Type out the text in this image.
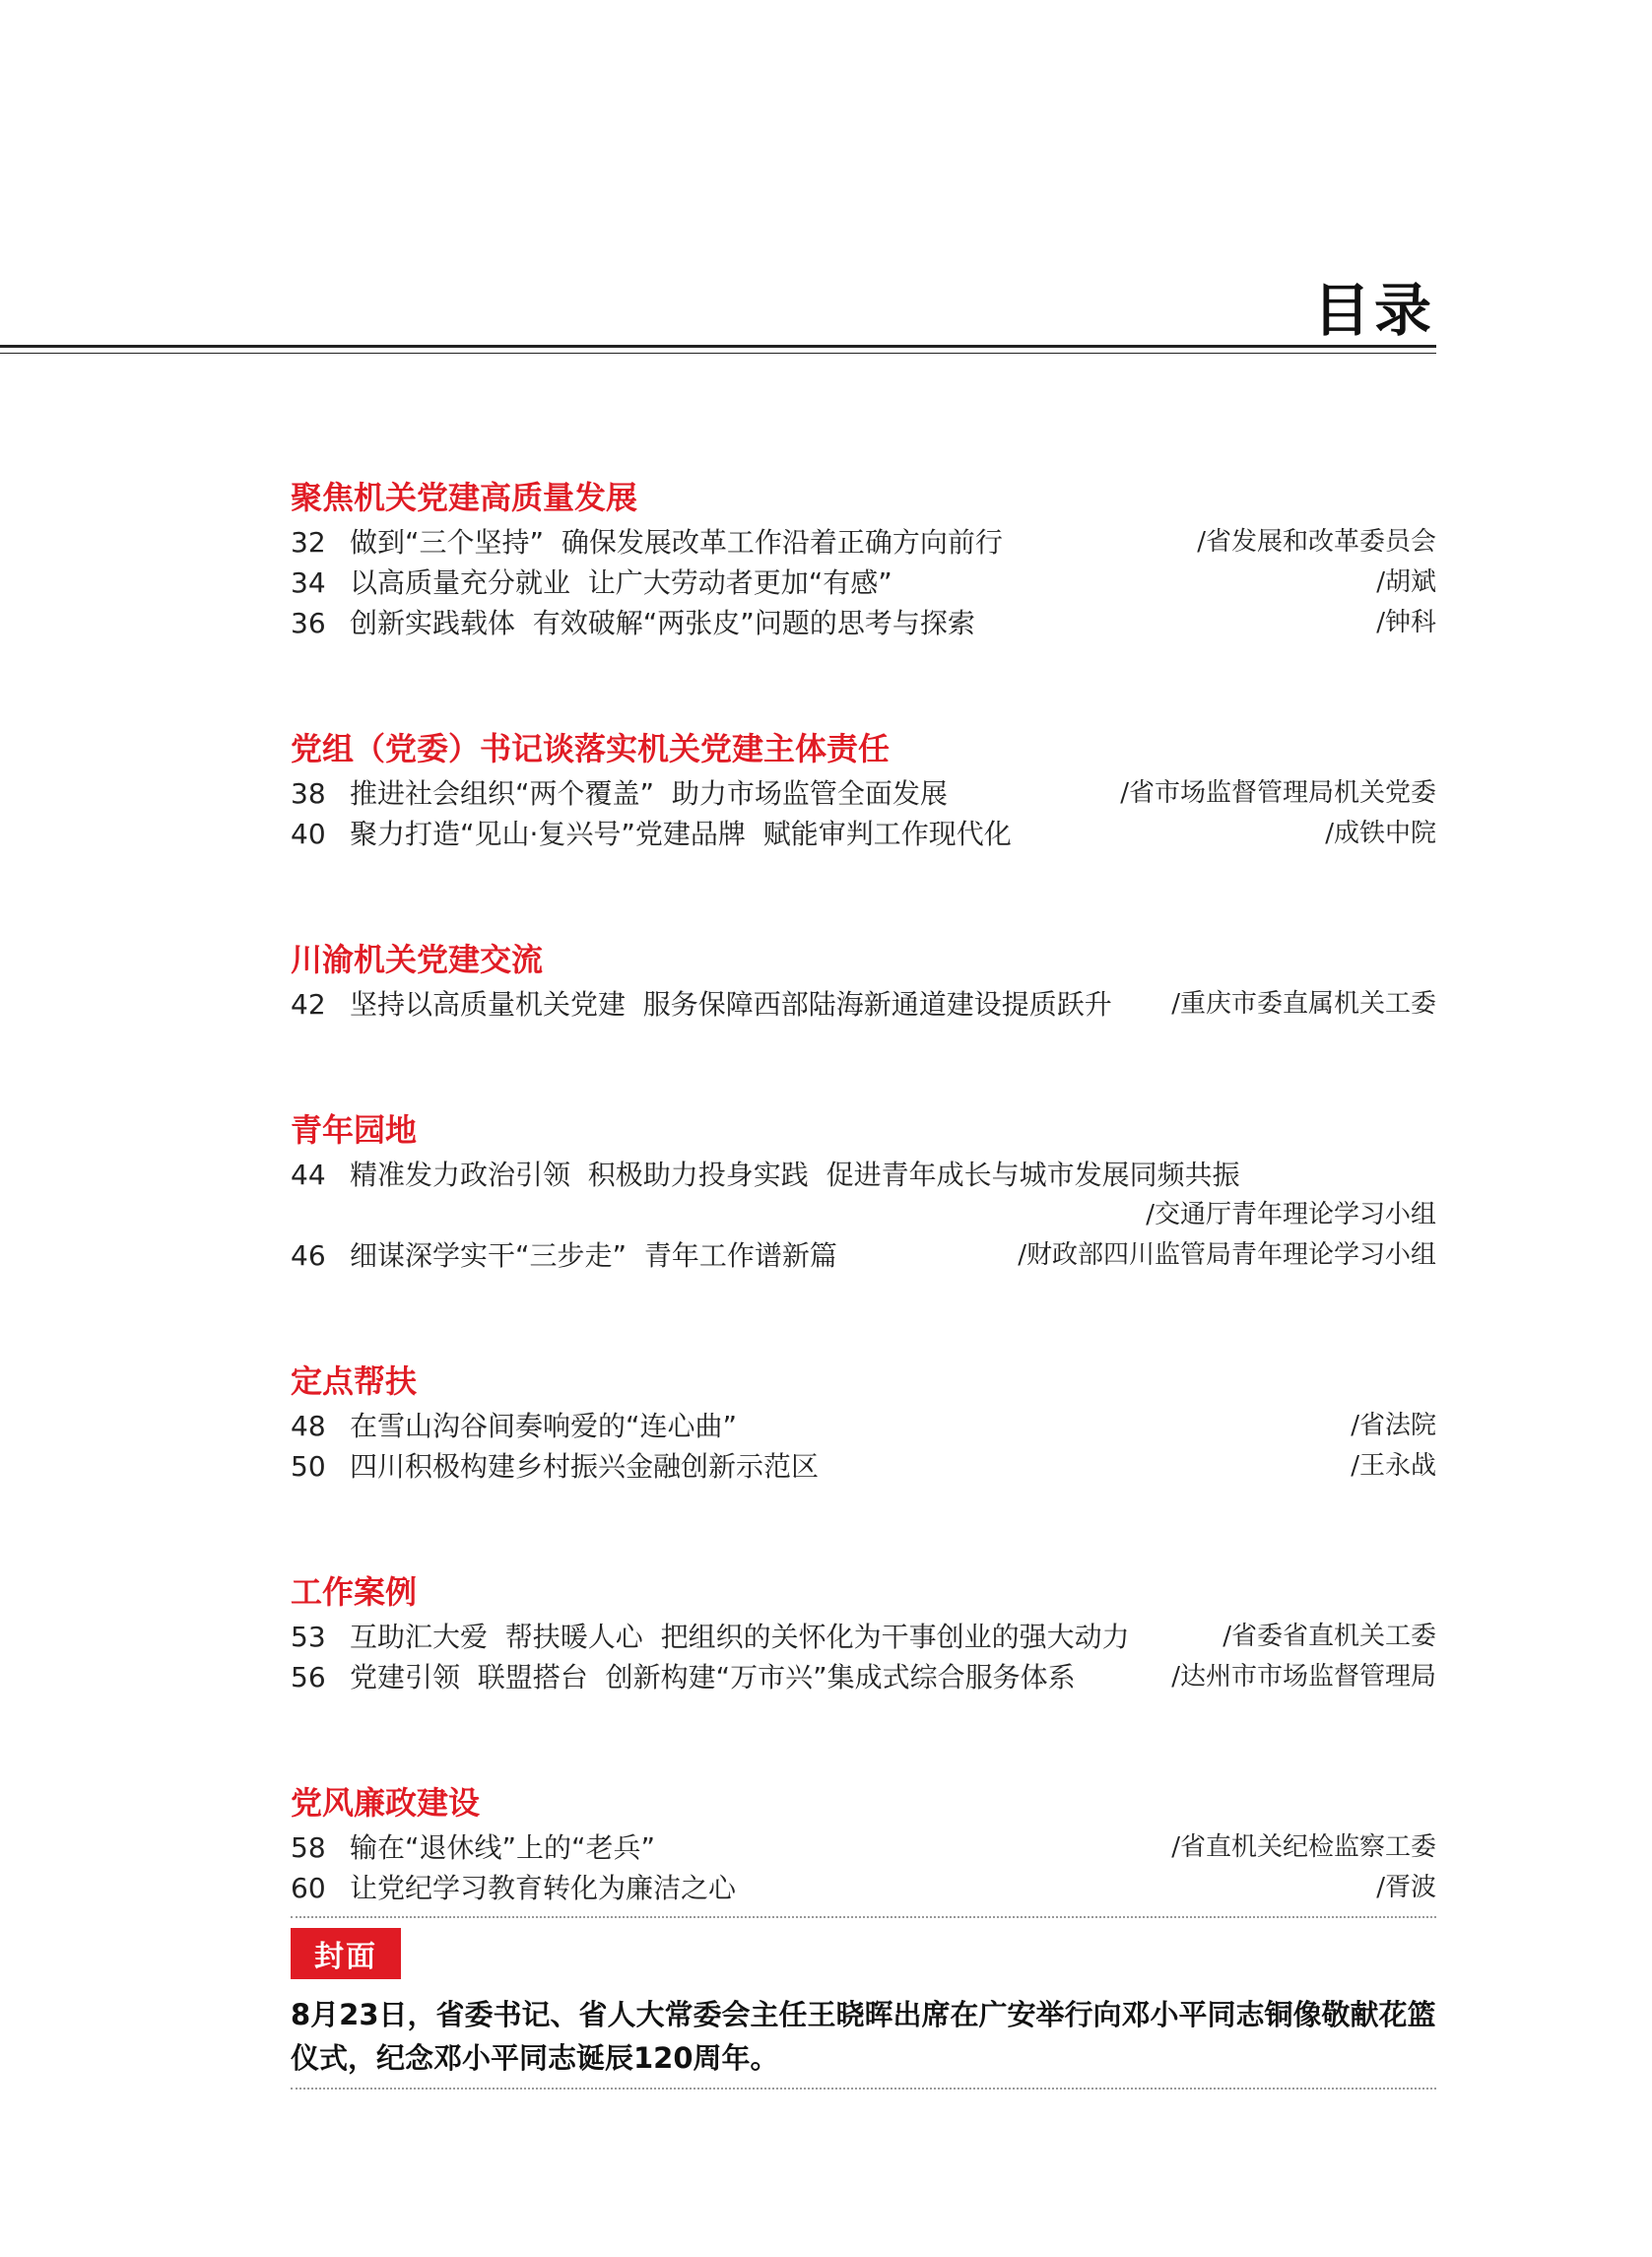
目录
聚焦机关党建高质量发展
32 做到“三个坚持”  确保发展改革工作沿着正确方向前行	/省发展和改革委员会
34 以高质量充分就业  让广大劳动者更加“有感”	/胡斌
36 创新实践载体  有效破解“两张皮”问题的思考与探索	/钟科
党组（党委）书记谈落实机关党建主体责任
38 推进社会组织“两个覆盖”  助力市场监管全面发展	/省市场监督管理局机关党委
40 聚力打造“见山·复兴号”党建品牌  赋能审判工作现代化	/成铁中院
川渝机关党建交流
42 坚持以高质量机关党建  服务保障西部陆海新通道建设提质跃升 /重庆市委直属机关工委
青年园地
44 精准发力政治引领  积极助力投身实践  促进青年成长与城市发展同频共振
/交通厅青年理论学习小组
46 细谋深学实干“三步走”  青年工作谱新篇	/财政部四川监管局青年理论学习小组
定点帮扶
48 在雪山沟谷间奏响爱的“连心曲”	/省法院
50 四川积极构建乡村振兴金融创新示范区	/王永战
工作案例
53 互助汇大爱  帮扶暖人心  把组织的关怀化为干事创业的强大动力	/省委省直机关工委
56 党建引领  联盟搭台  创新构建“万市兴”集成式综合服务体系	/达州市市场监督管理局
党风廉政建设
58 输在“退休线”上的“老兵”	/省直机关纪检监察工委
60 让党纪学习教育转化为廉洁之心	/胥波
封面
8月23日，省委书记、省人大常委会主任王晓晖出席在广安举行向邓小平同志铜像敬献花篮仪式，纪念邓小平同志诞辰120周年。
